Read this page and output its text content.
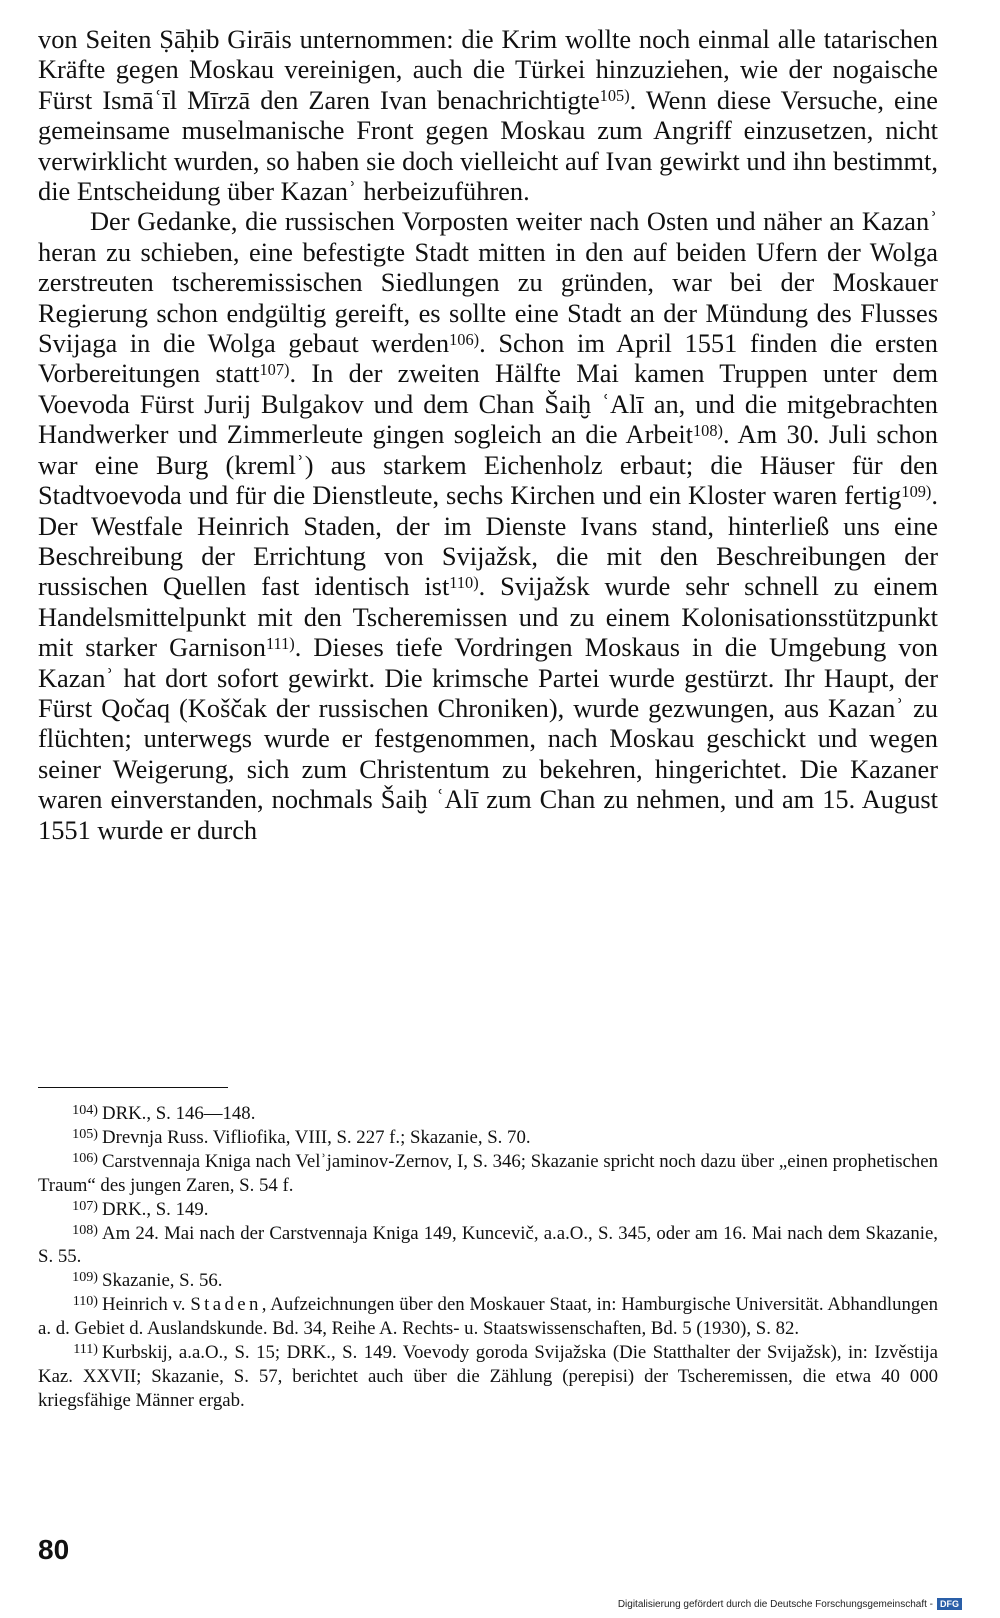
von Seiten Ṣāḥib Girāis unternommen: die Krim wollte noch einmal alle tatarischen Kräfte gegen Moskau vereinigen, auch die Türkei hinzuziehen, wie der nogaische Fürst Ismāʿīl Mīrzā den Zaren Ivan benachrichtigte$^{105)}$. Wenn diese Versuche, eine gemeinsame muselmanische Front gegen Moskau zum Angriff einzusetzen, nicht verwirklicht wurden, so haben sie doch vielleicht auf Ivan gewirkt und ihn bestimmt, die Entscheidung über Kazanʾ herbeizuführen.

Der Gedanke, die russischen Vorposten weiter nach Osten und näher an Kazanʾ heran zu schieben, eine befestigte Stadt mitten in den auf beiden Ufern der Wolga zerstreuten tscheremissischen Siedlungen zu gründen, war bei der Moskauer Regierung schon endgültig gereift, es sollte eine Stadt an der Mündung des Flusses Svijaga in die Wolga gebaut werden$^{106)}$. Schon im April 1551 finden die ersten Vorbereitungen statt$^{107)}$. In der zweiten Hälfte Mai kamen Truppen unter dem Voevoda Fürst Jurij Bulgakov und dem Chan Šaiḫ ʿAlī an, und die mitgebrachten Handwerker und Zimmerleute gingen sogleich an die Arbeit$^{108)}$. Am 30. Juli schon war eine Burg (kremlʾ) aus starkem Eichenholz erbaut; die Häuser für den Stadtvoevoda und für die Dienstleute, sechs Kirchen und ein Kloster waren fertig$^{109)}$. Der Westfale Heinrich Staden, der im Dienste Ivans stand, hinterließ uns eine Beschreibung der Errichtung von Svijažsk, die mit den Beschreibungen der russischen Quellen fast identisch ist$^{110)}$. Svijažsk wurde sehr schnell zu einem Handelsmittelpunkt mit den Tscheremissen und zu einem Kolonisationsstützpunkt mit starker Garnison$^{111)}$. Dieses tiefe Vordringen Moskaus in die Umgebung von Kazanʾ hat dort sofort gewirkt. Die krimsche Partei wurde gestürzt. Ihr Haupt, der Fürst Qočaq (Koščak der russischen Chroniken), wurde gezwungen, aus Kazanʾ zu flüchten; unterwegs wurde er festgenommen, nach Moskau geschickt und wegen seiner Weigerung, sich zum Christentum zu bekehren, hingerichtet. Die Kazaner waren einverstanden, nochmals Šaiḫ ʿAlī zum Chan zu nehmen, und am 15. August 1551 wurde er durch

$^{104)}$ DRK., S. 146—148.

$^{105)}$ Drevnja Russ. Vifliofika, VIII, S. 227 f.; Skazanie, S. 70.

$^{106)}$ Carstvennaja Kniga nach Velʾjaminov-Zernov, I, S. 346; Skazanie spricht noch dazu über „einen prophetischen Traum“ des jungen Zaren, S. 54 f.

$^{107)}$ DRK., S. 149.

$^{108)}$ Am 24. Mai nach der Carstvennaja Kniga 149, Kuncevič, a.a.O., S. 345, oder am 16. Mai nach dem Skazanie, S. 55.

$^{109)}$ Skazanie, S. 56.

$^{110)}$ Heinrich v. Staden, Aufzeichnungen über den Moskauer Staat, in: Hamburgische Universität. Abhandlungen a. d. Gebiet d. Auslandskunde. Bd. 34, Reihe A. Rechts- u. Staatswissenschaften, Bd. 5 (1930), S. 82.

$^{111)}$ Kurbskij, a.a.O., S. 15; DRK., S. 149. Voevody goroda Svijažska (Die Statthalter der Svijažsk), in: Izvěstija Kaz. XXVII; Skazanie, S. 57, berichtet auch über die Zählung (perepisi) der Tscheremissen, die etwa 40 000 kriegsfähige Männer ergab.

80
Digitalisierung gefördert durch die Deutsche Forschungsgemeinschaft - DFG
